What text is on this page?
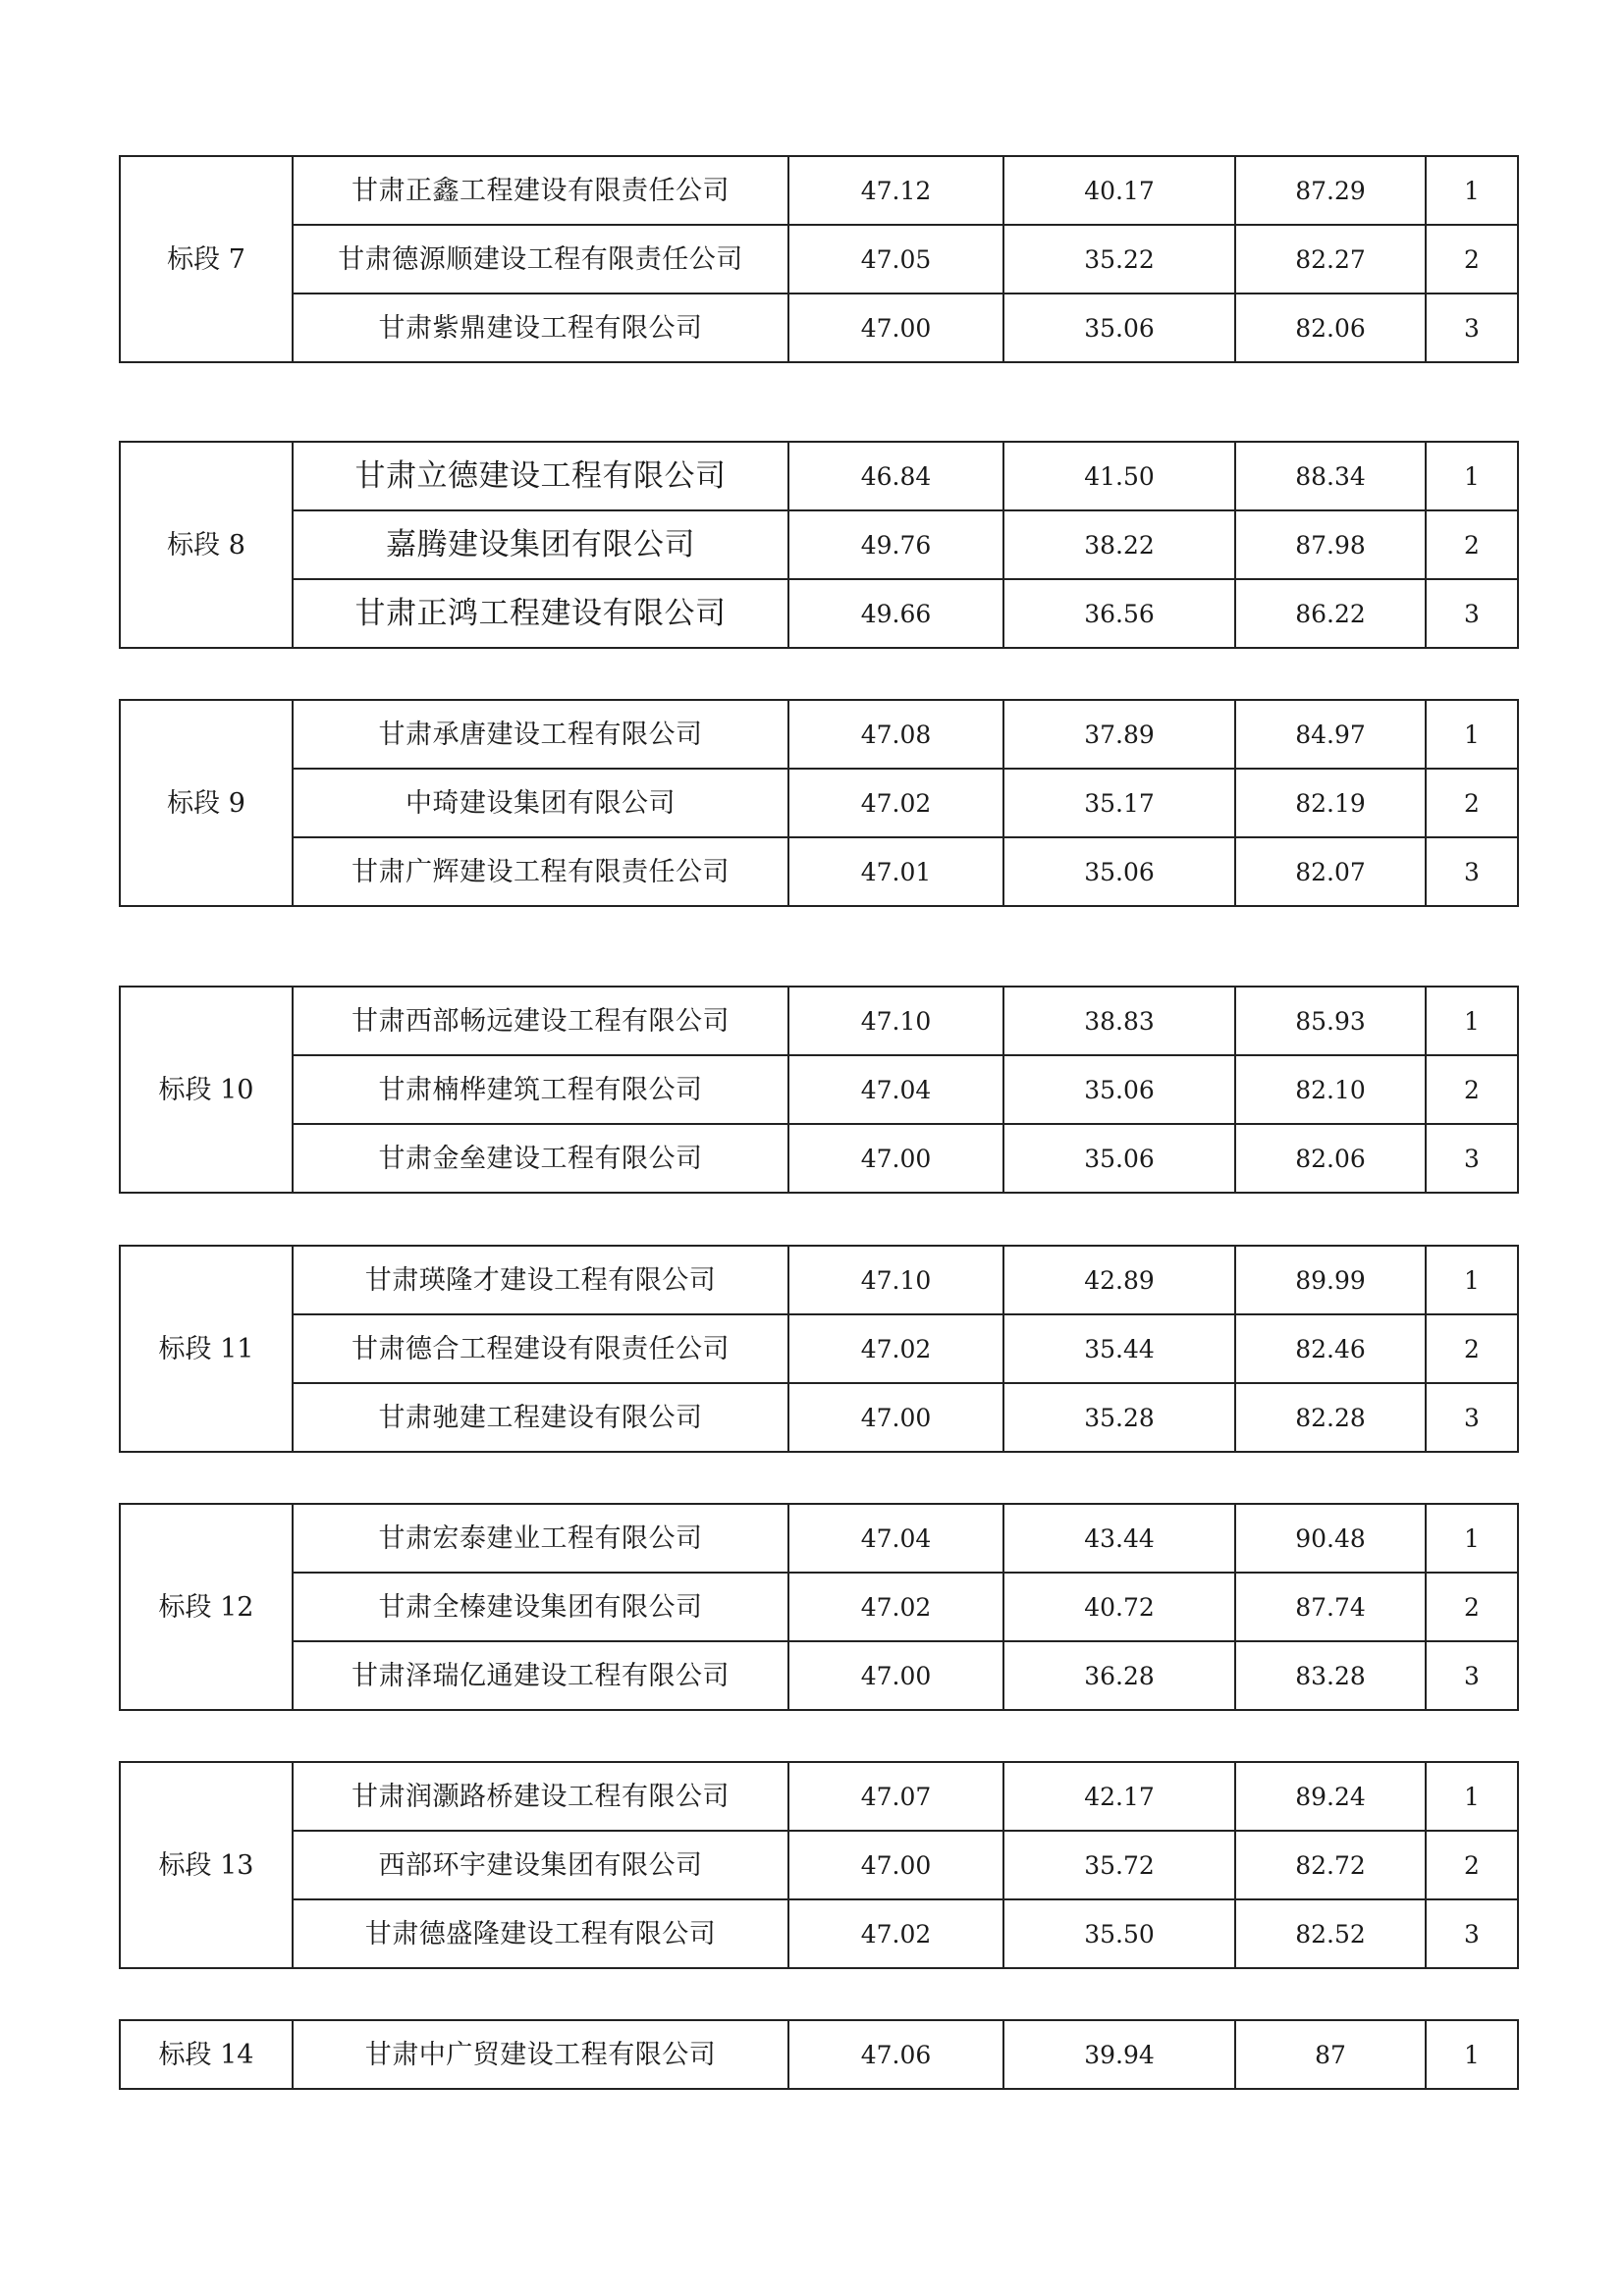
标段 7	甘肃正鑫工程建设有限责任公司	47.12	40.17	87.29	1
	甘肃德源顺建设工程有限责任公司	47.05	35.22	82.27	2
	甘肃紫鼎建设工程有限公司	47.00	35.06	82.06	3
标段 8	甘肃立德建设工程有限公司	46.84	41.50	88.34	1
	嘉腾建设集团有限公司	49.76	38.22	87.98	2
	甘肃正鸿工程建设有限公司	49.66	36.56	86.22	3
标段 9	甘肃承唐建设工程有限公司	47.08	37.89	84.97	1
	中琦建设集团有限公司	47.02	35.17	82.19	2
	甘肃广辉建设工程有限责任公司	47.01	35.06	82.07	3
标段 10	甘肃西部畅远建设工程有限公司	47.10	38.83	85.93	1
	甘肃楠桦建筑工程有限公司	47.04	35.06	82.10	2
	甘肃金垒建设工程有限公司	47.00	35.06	82.06	3
标段 11	甘肃瑛隆才建设工程有限公司	47.10	42.89	89.99	1
	甘肃德合工程建设有限责任公司	47.02	35.44	82.46	2
	甘肃驰建工程建设有限公司	47.00	35.28	82.28	3
标段 12	甘肃宏泰建业工程有限公司	47.04	43.44	90.48	1
	甘肃全榛建设集团有限公司	47.02	40.72	87.74	2
	甘肃泽瑞亿通建设工程有限公司	47.00	36.28	83.28	3
标段 13	甘肃润灏路桥建设工程有限公司	47.07	42.17	89.24	1
	西部环宇建设集团有限公司	47.00	35.72	82.72	2
	甘肃德盛隆建设工程有限公司	47.02	35.50	82.52	3
标段 14	甘肃中广贸建设工程有限公司	47.06	39.94	87	1
